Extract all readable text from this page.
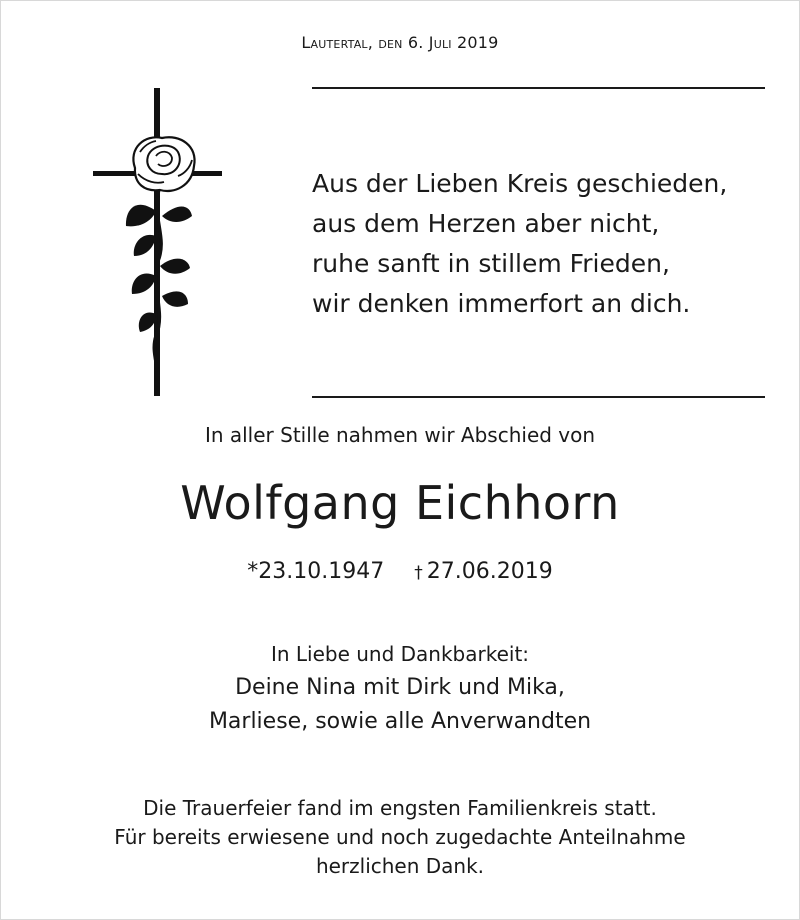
Lautertal, den 6. Juli 2019
Aus der Lieben Kreis geschieden,
aus dem Herzen aber nicht,
ruhe sanft in stillem Frieden,
wir denken immerfort an dich.
In aller Stille nahmen wir Abschied von
Wolfgang Eichhorn
*23.10.1947 † 27.06.2019
In Liebe und Dankbarkeit:
Deine Nina mit Dirk und Mika,
Marliese, sowie alle Anverwandten
Die Trauerfeier fand im engsten Familienkreis statt.
Für bereits erwiesene und noch zugedachte Anteilnahme
herzlichen Dank.
